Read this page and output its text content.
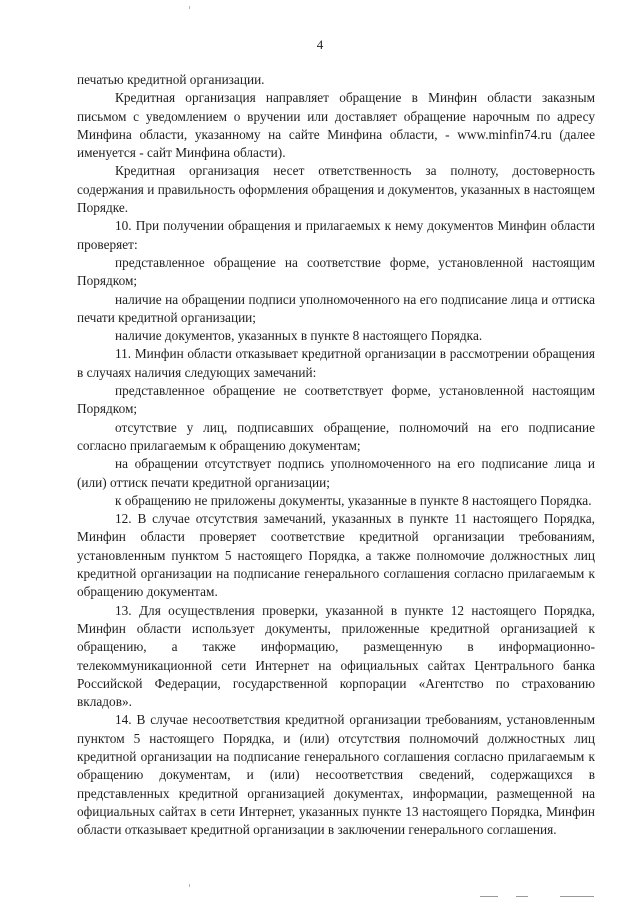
4

печатью кредитной организации.

Кредитная организация направляет обращение в Минфин области заказным письмом с уведомлением о вручении или доставляет обращение нарочным по адресу Минфина области, указанному на сайте Минфина области, - www.minfin74.ru (далее именуется - сайт Минфина области).

Кредитная организация несет ответственность за полноту, достоверность содержания и правильность оформления обращения и документов, указанных в настоящем Порядке.

10. При получении обращения и прилагаемых к нему документов Минфин области проверяет:

представленное обращение на соответствие форме, установленной настоящим Порядком;

наличие на обращении подписи уполномоченного на его подписание лица и оттиска печати кредитной организации;

наличие документов, указанных в пункте 8 настоящего Порядка.

11. Минфин области отказывает кредитной организации в рассмотрении обращения в случаях наличия следующих замечаний:

представленное обращение не соответствует форме, установленной настоящим Порядком;

отсутствие у лиц, подписавших обращение, полномочий на его подписание согласно прилагаемым к обращению документам;

на обращении отсутствует подпись уполномоченного на его подписание лица и (или) оттиск печати кредитной организации;

к обращению не приложены документы, указанные в пункте 8 настоящего Порядка.

12. В случае отсутствия замечаний, указанных в пункте 11 настоящего Порядка, Минфин области проверяет соответствие кредитной организации требованиям, установленным пунктом 5 настоящего Порядка, а также полномочие должностных лиц кредитной организации на подписание генерального соглашения согласно прилагаемым к обращению документам.

13. Для осуществления проверки, указанной в пункте 12 настоящего Порядка, Минфин области использует документы, приложенные кредитной организацией к обращению, а также информацию, размещенную в информационно-телекоммуникационной сети Интернет на официальных сайтах Центрального банка Российской Федерации, государственной корпорации «Агентство по страхованию вкладов».

14. В случае несоответствия кредитной организации требованиям, установленным пунктом 5 настоящего Порядка, и (или) отсутствия полномочий должностных лиц кредитной организации на подписание генерального соглашения согласно прилагаемым к обращению документам, и (или) несоответствия сведений, содержащихся в представленных кредитной организацией документах, информации, размещенной на официальных сайтах в сети Интернет, указанных пункте 13 настоящего Порядка, Минфин области отказывает кредитной организации в заключении генерального соглашения.
